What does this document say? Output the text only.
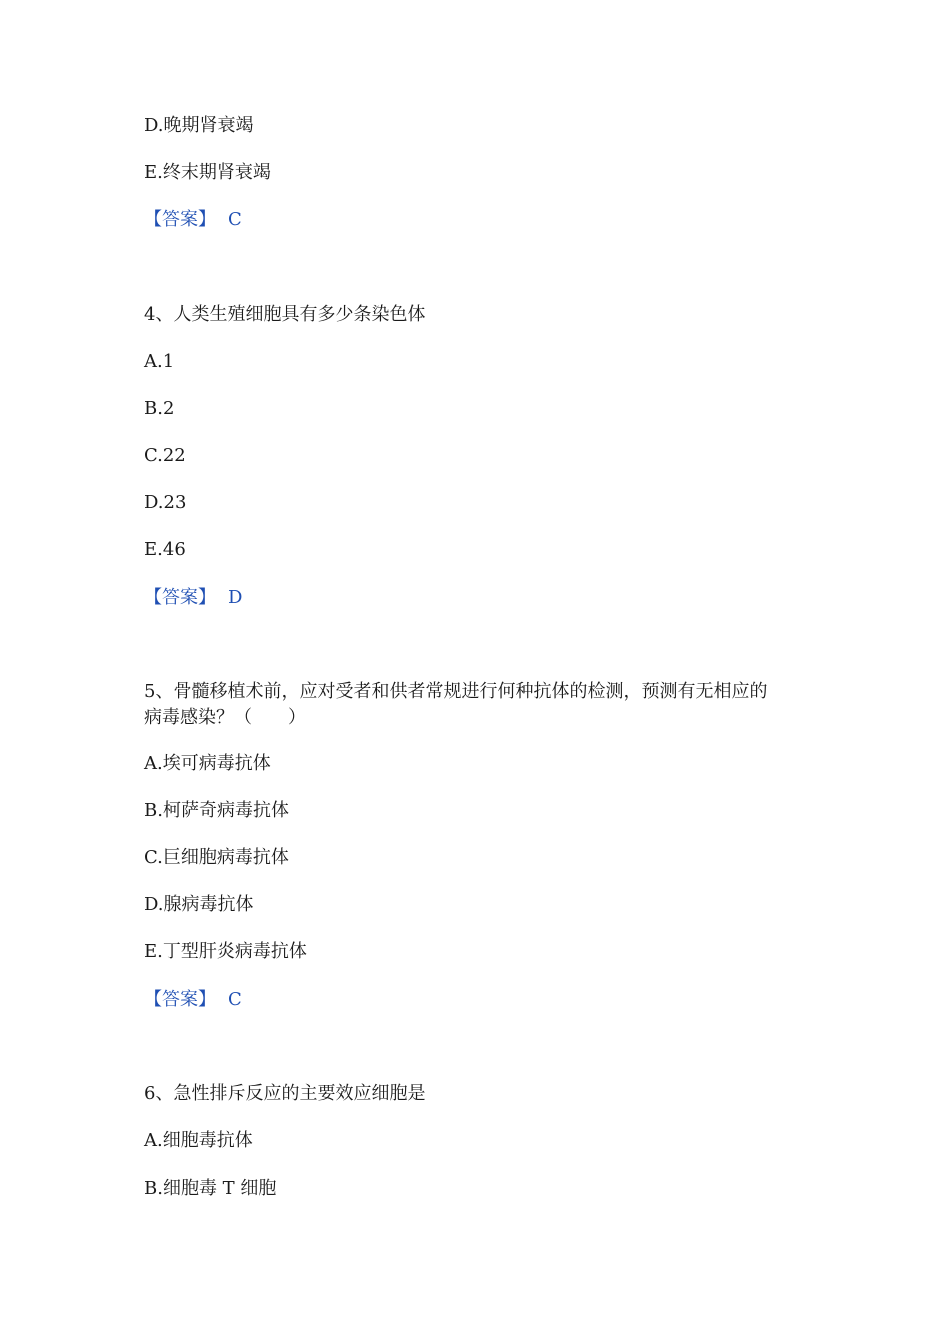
D.晚期肾衰竭
E.终末期肾衰竭
【答案】 C
4、人类生殖细胞具有多少条染色体
A.1
B.2
C.22
D.23
E.46
【答案】 D
5、骨髓移植术前，应对受者和供者常规进行何种抗体的检测，预测有无相应的
病毒感染？（　　）
A.埃可病毒抗体
B.柯萨奇病毒抗体
C.巨细胞病毒抗体
D.腺病毒抗体
E.丁型肝炎病毒抗体
【答案】 C
6、急性排斥反应的主要效应细胞是
A.细胞毒抗体
B.细胞毒 T 细胞
